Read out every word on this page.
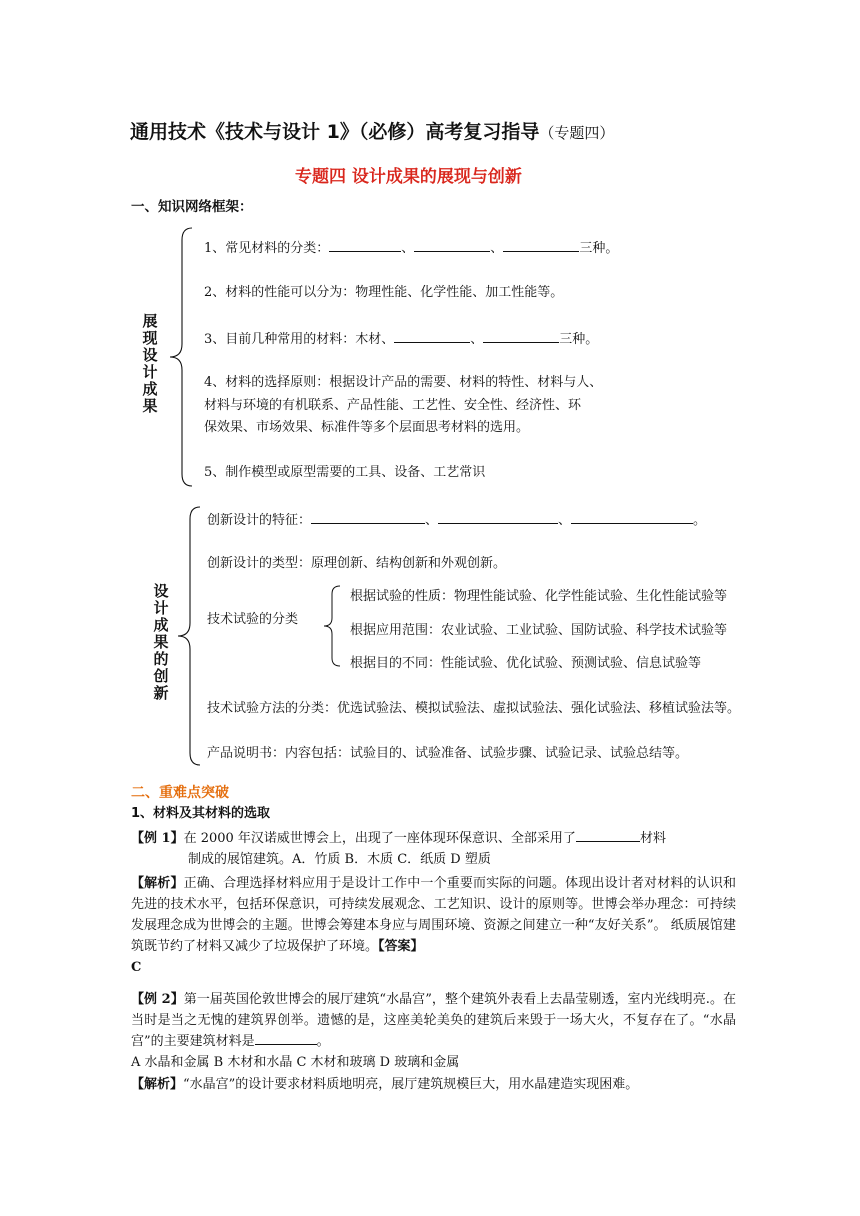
通用技术《技术与设计 1》（必修）高考复习指导（专题四）
专题四 设计成果的展现与创新
一、知识网络框架：
展现设计成果
1、常见材料的分类：	、	、	三种。
2、材料的性能可以分为：物理性能、化学性能、加工性能等。
3、目前几种常用的材料：木材、	、	三种。
4、材料的选择原则：根据设计产品的需要、材料的特性、材料与人、
材料与环境的有机联系、产品性能、工艺性、安全性、经济性、环
保效果、市场效果、标准件等多个层面思考材料的选用。
5、制作模型或原型需要的工具、设备、工艺常识
设计成果的创新
创新设计的特征：	、	、	。
创新设计的类型：原理创新、结构创新和外观创新。
技术试验的分类
根据试验的性质：物理性能试验、化学性能试验、生化性能试验等
根据应用范围：农业试验、工业试验、国防试验、科学技术试验等
根据目的不同：性能试验、优化试验、预测试验、信息试验等
技术试验方法的分类：优选试验法、模拟试验法、虚拟试验法、强化试验法、移植试验法等。
产品说明书：内容包括：试验目的、试验准备、试验步骤、试验记录、试验总结等。
二、重难点突破
1、材料及其材料的选取
【例 1】在 2000 年汉诺威世博会上，出现了一座体现环保意识、全部采用了	材料
制成的展馆建筑。A．竹质 B．木质 C．纸质 D 塑质
【解析】正确、合理选择材料应用于是设计工作中一个重要而实际的问题。体现出设计者对材料的认识和先进的技术水平，包括环保意识，可持续发展观念、工艺知识、设计的原则等。世博会举办理念：可持续发展理念成为世博会的主题。世博会筹建本身应与周围环境、资源之间建立一种“友好关系”。 纸质展馆建筑既节约了材料又减少了垃圾保护了环境。【答案】
C
【例 2】第一届英国伦敦世博会的展厅建筑“水晶宫”，整个建筑外表看上去晶莹剔透，室内光线明亮.。在当时是当之无愧的建筑界创举。遗憾的是，这座美轮美奂的建筑后来毁于一场大火，不复存在了。“水晶宫”的主要建筑材料是	。
A 水晶和金属 B 木材和水晶 C 木材和玻璃 D 玻璃和金属
【解析】“水晶宫”的设计要求材料质地明亮，展厅建筑规模巨大，用水晶建造实现困难。
